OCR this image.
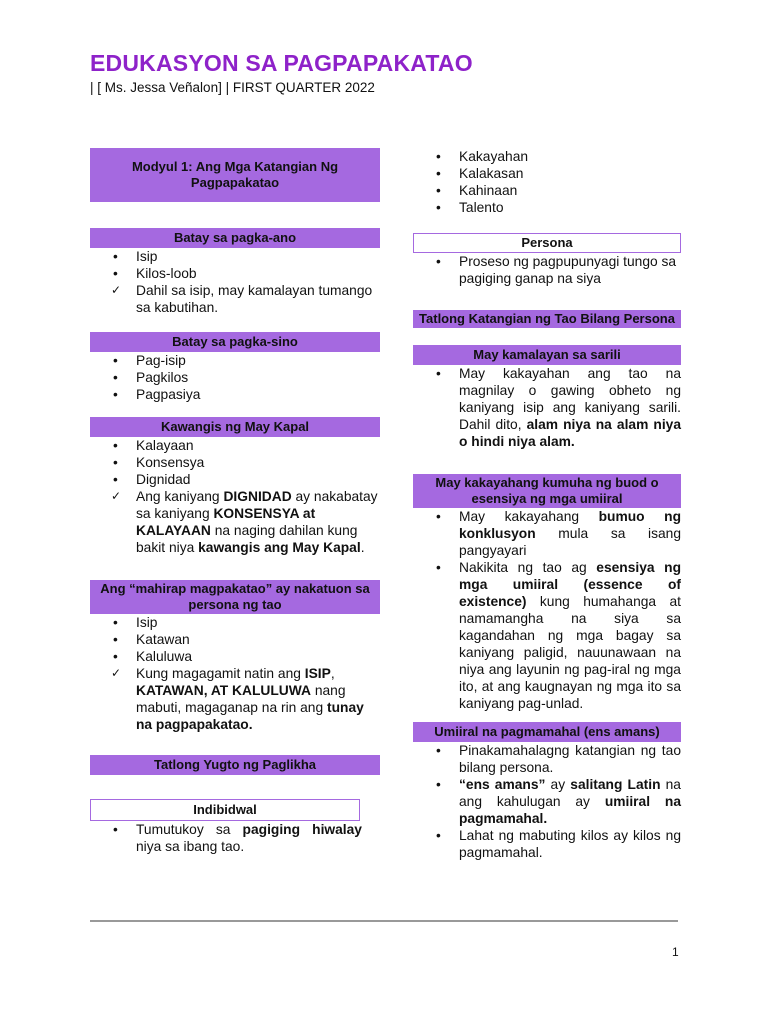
EDUKASYON SA PAGPAPAKATAO
| [ Ms. Jessa Veñalon] | FIRST QUARTER 2022
Modyul 1: Ang Mga Katangian Ng Pagpapakatao
Batay sa pagka-ano
• Isip
• Kilos-loob
✓ Dahil sa isip, may kamalayan tumango sa kabutihan.
Batay sa pagka-sino
• Pag-isip
• Pagkilos
• Pagpasiya
Kawangis ng May Kapal
• Kalayaan
• Konsensya
• Dignidad
✓ Ang kaniyang DIGNIDAD ay nakabatay sa kaniyang KONSENSYA at KALAYAAN na naging dahilan kung bakit niya kawangis ang May Kapal.
Ang “mahirap magpakatao” ay nakatuon sa persona ng tao
• Isip
• Katawan
• Kaluluwa
✓ Kung magagamit natin ang ISIP, KATAWAN, AT KALULUWA nang mabuti, magaganap na rin ang tunay na pagpapakatao.
Tatlong Yugto ng Paglikha
Indibidwal
• Tumutukoy sa pagiging hiwalay niya sa ibang tao.
• Kakayahan
• Kalakasan
• Kahinaan
• Talento
Persona
• Proseso ng pagpupunyagi tungo sa pagiging ganap na siya
Tatlong Katangian ng Tao Bilang Persona
May kamalayan sa sarili
• May kakayahan ang tao na magnilay o gawing obheto ng kaniyang isip ang kaniyang sarili. Dahil dito, alam niya na alam niya o hindi niya alam.
May kakayahang kumuha ng buod o esensiya ng mga umiiral
• May kakayahang bumuo ng konklusyon mula sa isang pangyayari
• Nakikita ng tao ag esensiya ng mga umiiral (essence of existence) kung humahanga at namamangha na siya sa kagandahan ng mga bagay sa kaniyang paligid, nauunawaan na niya ang layunin ng pag-iral ng mga ito, at ang kaugnayan ng mga ito sa kaniyang pag-unlad.
Umiiral na pagmamahal (ens amans)
• Pinakamahalagng katangian ng tao bilang persona.
• “ens amans” ay salitang Latin na ang kahulugan ay umiiral na pagmamahal.
• Lahat ng mabuting kilos ay kilos ng pagmamahal.
1
